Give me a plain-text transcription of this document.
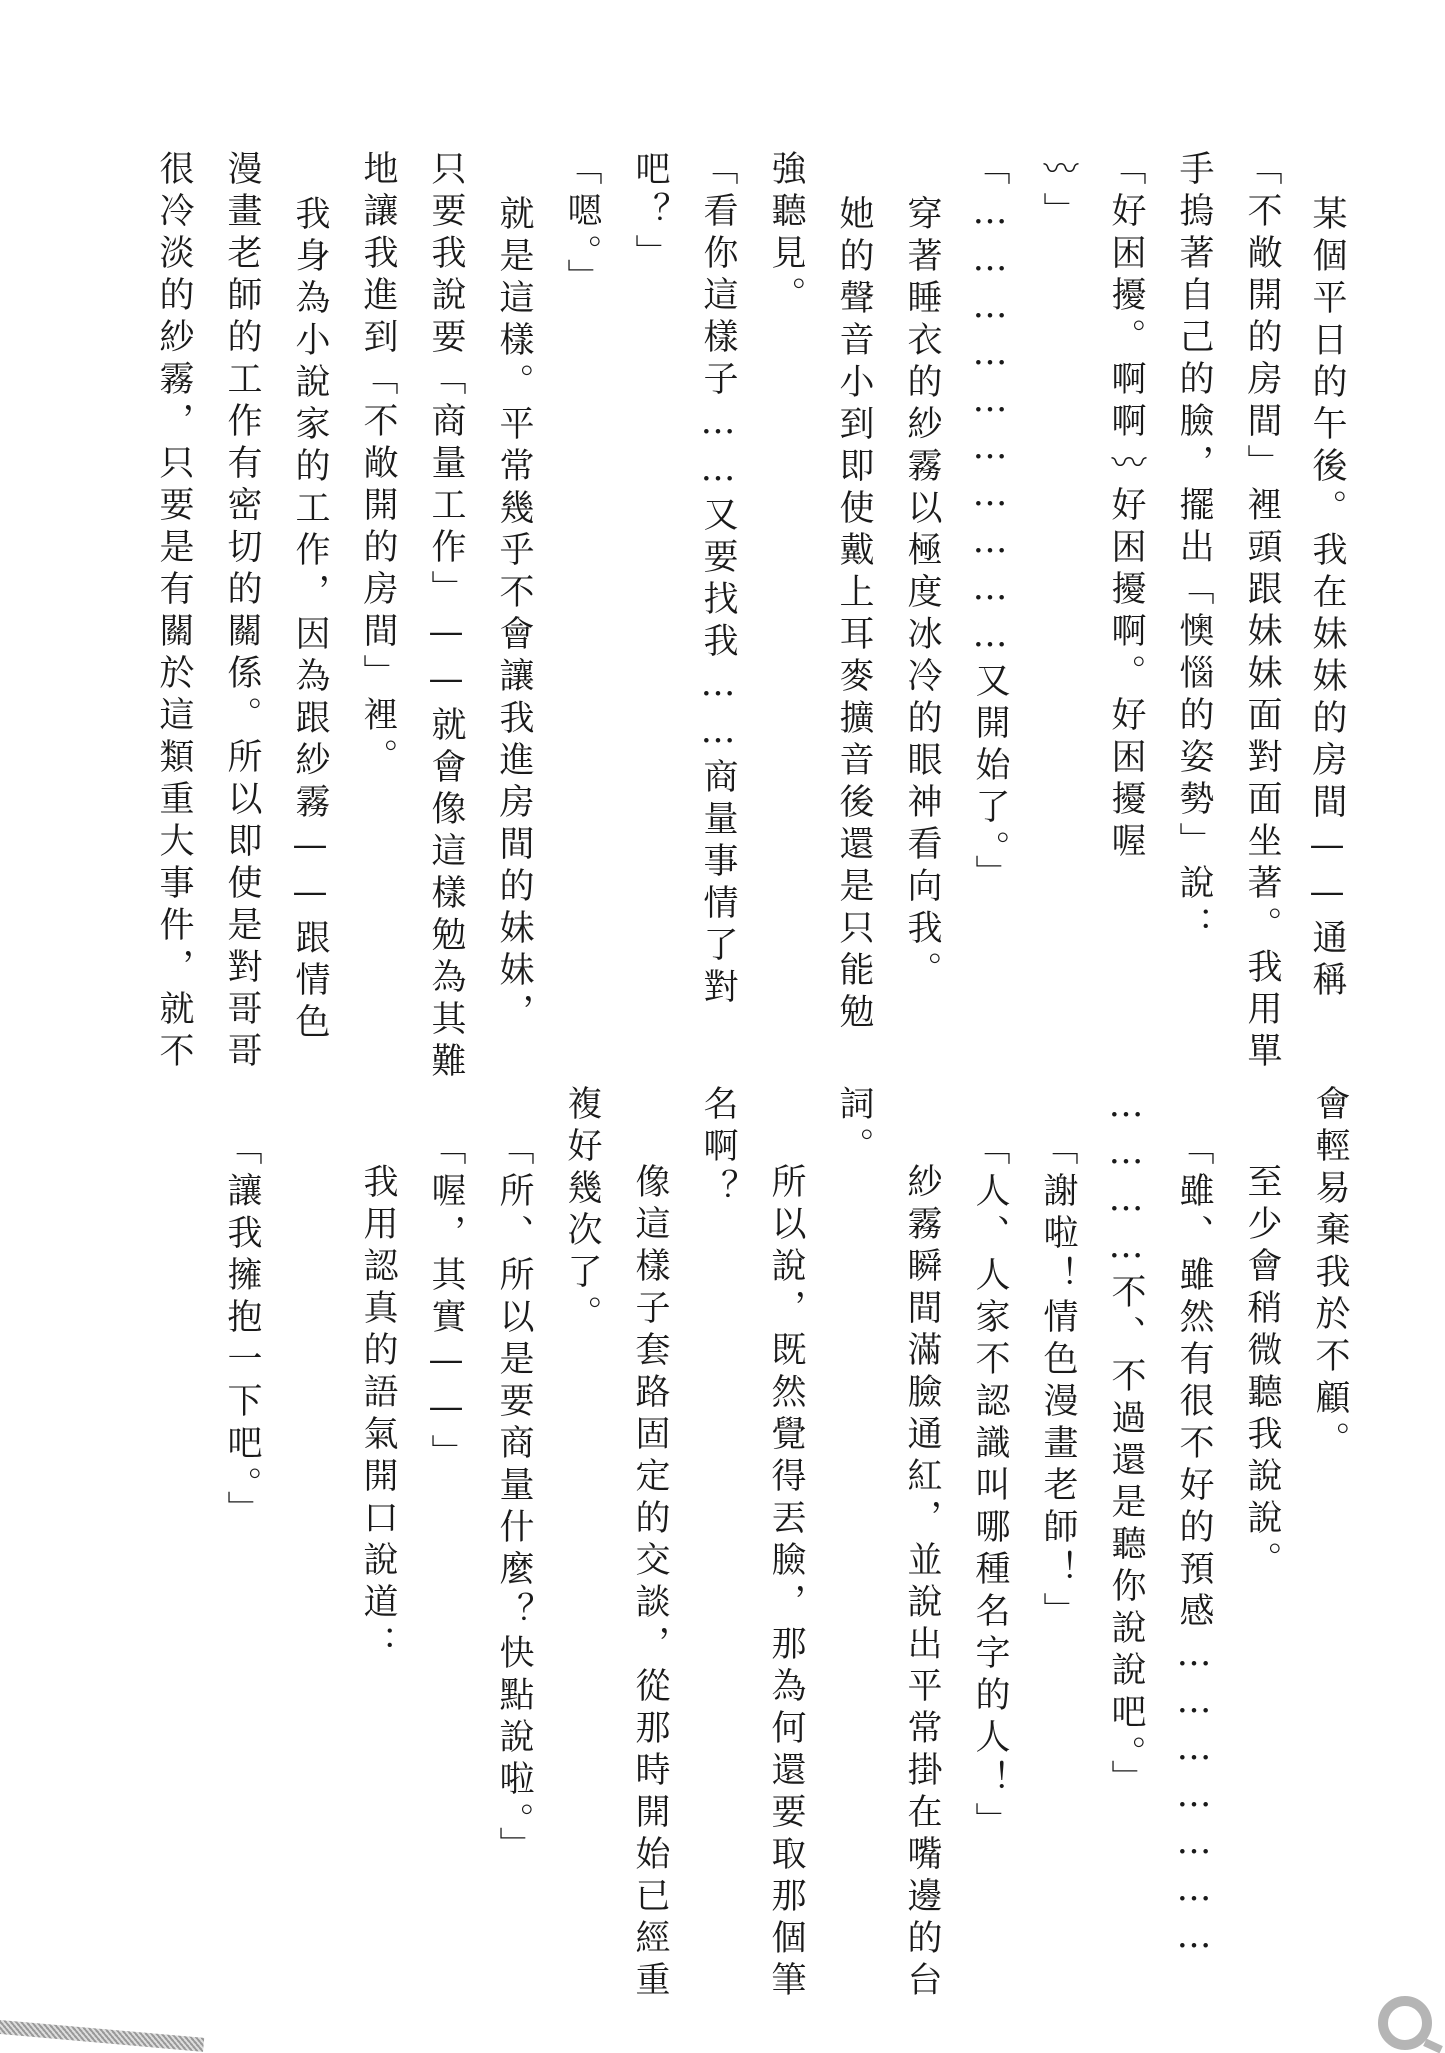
某個平日的午後。我在妹妹的房間——通稱
「不敞開的房間」裡頭跟妹妹面對面坐著。我用單
手摀著自己的臉，擺出「懊惱的姿勢」說：
「好困擾。啊啊〰好困擾啊。好困擾喔
〰」
「…………………………又開始了。」
穿著睡衣的紗霧以極度冰冷的眼神看向我。
她的聲音小到即使戴上耳麥擴音後還是只能勉
強聽見。
「看你這樣子……又要找我……商量事情了對
吧？」
「嗯。」
就是這樣。平常幾乎不會讓我進房間的妹妹，
只要我說要「商量工作」——就會像這樣勉為其難
地讓我進到「不敞開的房間」裡。
我身為小說家的工作，因為跟紗霧——跟情色
漫畫老師的工作有密切的關係。所以即使是對哥哥
很冷淡的紗霧，只要是有關於這類重大事件，就不
會輕易棄我於不顧。
至少會稍微聽我說說。
「雖、雖然有很不好的預感…………………
…………不、不過還是聽你說說吧。」
「謝啦！情色漫畫老師！」
「人、人家不認識叫哪種名字的人！」
紗霧瞬間滿臉通紅，並說出平常掛在嘴邊的台
詞。
所以說，既然覺得丟臉，那為何還要取那個筆
名啊？
像這樣子套路固定的交談，從那時開始已經重
複好幾次了。
「所、所以是要商量什麼？快點說啦。」
「喔，其實——」
我用認真的語氣開口說道：
「讓我擁抱一下吧。」
